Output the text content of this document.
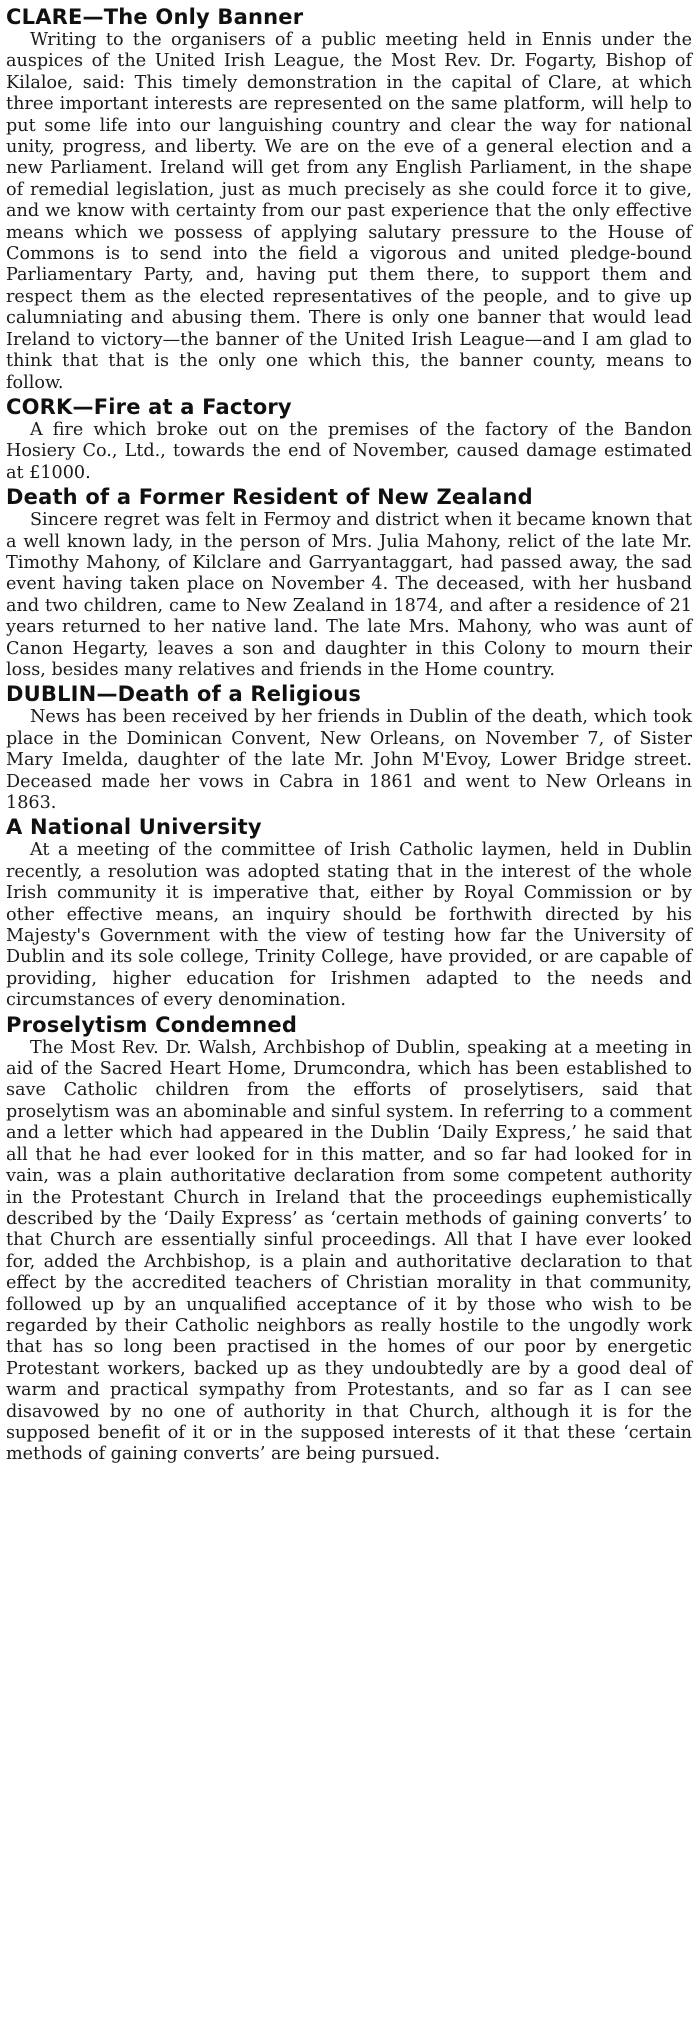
CLARE—The Only Banner

Writing to the organisers of a public meeting held in Ennis under the auspices of the United Irish League, the Most Rev. Dr. Fogarty, Bishop of Kilaloe, said: This timely demonstration in the capital of Clare, at which three important interests are represented on the same platform, will help to put some life into our languishing country and clear the way for national unity, progress, and liberty. We are on the eve of a general election and a new Parliament. Ireland will get from any English Parliament, in the shape of remedial legislation, just as much precisely as she could force it to give, and we know with certainty from our past experience that the only effective means which we possess of applying salutary pressure to the House of Commons is to send into the field a vigorous and united pledge-bound Parliamentary Party, and, having put them there, to support them and respect them as the elected representatives of the people, and to give up calumniating and abusing them. There is only one banner that would lead Ireland to victory—the banner of the United Irish League—and I am glad to think that that is the only one which this, the banner county, means to follow.

CORK—Fire at a Factory

A fire which broke out on the premises of the factory of the Bandon Hosiery Co., Ltd., towards the end of November, caused damage estimated at £1000.

Death of a Former Resident of New Zealand

Sincere regret was felt in Fermoy and district when it became known that a well known lady, in the person of Mrs. Julia Mahony, relict of the late Mr. Timothy Mahony, of Kilclare and Garryantaggart, had passed away, the sad event having taken place on November 4. The deceased, with her husband and two children, came to New Zealand in 1874, and after a residence of 21 years returned to her native land. The late Mrs. Mahony, who was aunt of Canon Hegarty, leaves a son and daughter in this Colony to mourn their loss, besides many relatives and friends in the Home country.

DUBLIN—Death of a Religious

News has been received by her friends in Dublin of the death, which took place in the Dominican Convent, New Orleans, on November 7, of Sister Mary Imelda, daughter of the late Mr. John M'Evoy, Lower Bridge street. Deceased made her vows in Cabra in 1861 and went to New Orleans in 1863.

A National University

At a meeting of the committee of Irish Catholic laymen, held in Dublin recently, a resolution was adopted stating that in the interest of the whole Irish community it is imperative that, either by Royal Commission or by other effective means, an inquiry should be forthwith directed by his Majesty's Government with the view of testing how far the University of Dublin and its sole college, Trinity College, have provided, or are capable of providing, higher education for Irishmen adapted to the needs and circumstances of every denomination.

Proselytism Condemned

The Most Rev. Dr. Walsh, Archbishop of Dublin, speaking at a meeting in aid of the Sacred Heart Home, Drumcondra, which has been established to save Catholic children from the efforts of proselytisers, said that proselytism was an abominable and sinful system. In referring to a comment and a letter which had appeared in the Dublin ‘Daily Express,’ he said that all that he had ever looked for in this matter, and so far had looked for in vain, was a plain authoritative declaration from some competent authority in the Protestant Church in Ireland that the proceedings euphemistically described by the ‘Daily Express’ as ‘certain methods of gaining converts’ to that Church are essentially sinful proceedings. All that I have ever looked for, added the Archbishop, is a plain and authoritative declaration to that effect by the accredited teachers of Christian morality in that community, followed up by an unqualified acceptance of it by those who wish to be regarded by their Catholic neighbors as really hostile to the ungodly work that has so long been practised in the homes of our poor by energetic Protestant workers, backed up as they undoubtedly are by a good deal of warm and practical sympathy from Protestants, and so far as I can see disavowed by no one of authority in that Church, although it is for the supposed benefit of it or in the supposed interests of it that these ‘certain methods of gaining converts’ are being pursued.
